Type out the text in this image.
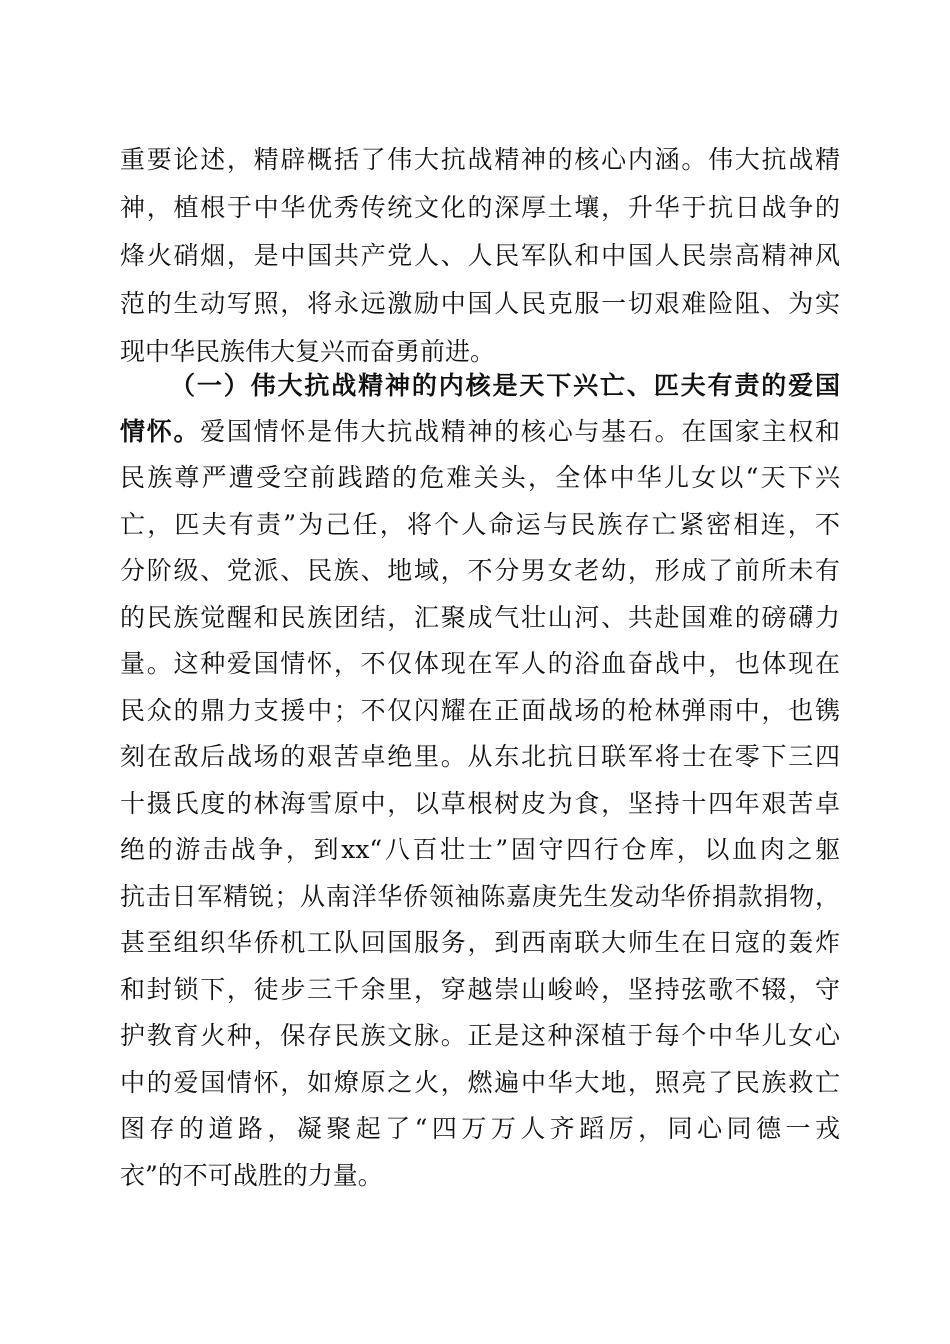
重要论述，精辟概括了伟大抗战精神的核心内涵。伟大抗战精
神，植根于中华优秀传统文化的深厚土壤，升华于抗日战争的
烽火硝烟，是中国共产党人、人民军队和中国人民崇高精神风
范的生动写照，将永远激励中国人民克服一切艰难险阻、为实
现中华民族伟大复兴而奋勇前进。
（一）伟大抗战精神的内核是天下兴亡、匹夫有责的爱国
情怀。爱国情怀是伟大抗战精神的核心与基石。在国家主权和
民族尊严遭受空前践踏的危难关头，全体中华儿女以“天下兴
亡，匹夫有责”为己任，将个人命运与民族存亡紧密相连，不
分阶级、党派、民族、地域，不分男女老幼，形成了前所未有
的民族觉醒和民族团结，汇聚成气壮山河、共赴国难的磅礴力
量。这种爱国情怀，不仅体现在军人的浴血奋战中，也体现在
民众的鼎力支援中；不仅闪耀在正面战场的枪林弹雨中，也镌
刻在敌后战场的艰苦卓绝里。从东北抗日联军将士在零下三四
十摄氏度的林海雪原中，以草根树皮为食，坚持十四年艰苦卓
绝的游击战争，到xx“八百壮士”固守四行仓库，以血肉之躯
抗击日军精锐；从南洋华侨领袖陈嘉庚先生发动华侨捐款捐物，
甚至组织华侨机工队回国服务，到西南联大师生在日寇的轰炸
和封锁下，徒步三千余里，穿越崇山峻岭，坚持弦歌不辍，守
护教育火种，保存民族文脉。正是这种深植于每个中华儿女心
中的爱国情怀，如燎原之火，燃遍中华大地，照亮了民族救亡
图存的道路，凝聚起了“四万万人齐蹈厉，同心同德一戎
衣”的不可战胜的力量。
